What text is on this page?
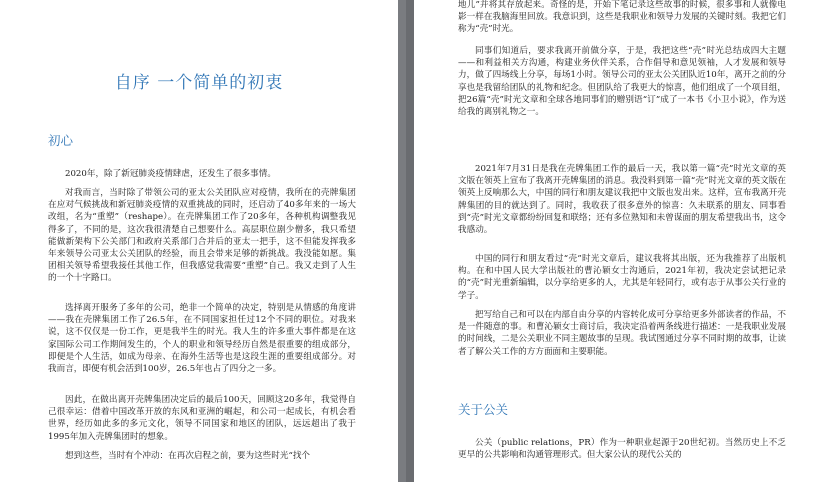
自序 一个简单的初衷
初心

2020年，除了新冠肺炎疫情肆虐，还发生了很多事情。

对我而言，当时除了带领公司的亚太公关团队应对疫情，我所在的壳牌集团在应对气候挑战和新冠肺炎疫情的双重挑战的同时，还启动了40多年来的一场大改组，名为“重塑”（reshape）。在壳牌集团工作了20多年，各种机构调整我见得多了，不同的是，这次我很清楚自己想要什么。高层职位剧少僧多，我只希望能做新架构下公关部门和政府关系部门合并后的亚太一把手，这不但能发挥我多年来领导公司亚太公关团队的经验，而且会带来足够的新挑战。我没能如愿。集团相关领导希望我接任其他工作，但我感觉我需要“重塑”自己。我又走到了人生的一个十字路口。

选择离开服务了多年的公司，绝非一个简单的决定，特别是从情感的角度讲——我在壳牌集团工作了26.5年，在不同国家担任过12个不同的职位。对我来说，这不仅仅是一份工作，更是我半生的时光。我人生的许多重大事件都是在这家国际公司工作期间发生的，个人的职业和领导经历自然是很重要的组成部分，即便是个人生活，如成为母亲、在海外生活等也是这段生涯的重要组成部分。对我而言，即便有机会活到100岁，26.5年也占了四分之一多。

因此，在做出离开壳牌集团决定后的最后100天，回顾这20多年，我觉得自己很幸运：借着中国改革开放的东风和亚洲的崛起，和公司一起成长，有机会看世界，经历如此多的多元文化，领导不同国家和地区的团队，远远超出了我于1995年加入壳牌集团时的想象。

想到这些，当时有个冲动：在再次启程之前，要为这些时光“找个

地儿”并将其存放起来。奇怪的是，开始下笔记录这些故事的时候，很多事和人就像电影一样在我脑海里回放。我意识到，这些是我职业和领导力发展的关键时刻。我把它们称为“壳”时光。

同事们知道后，要求我离开前做分享，于是，我把这些“壳”时光总结成四大主题——和利益相关方沟通，构建业务伙伴关系，合作倡导和意见领袖，人才发展和领导力，做了四场线上分享，每场1小时。领导公司的亚太公关团队近10年，离开之前的分享也是我留给团队的礼物和纪念。但团队给了我更大的惊喜，他们组成了一个项目组，把26篇“壳”时光文章和全球各地同事们的赠别语“订”成了一本书《小卫小说》，作为送给我的离别礼物之一。

2021年7月31日是我在壳牌集团工作的最后一天，我以第一篇“壳”时光文章的英文版在领英上宣布了我离开壳牌集团的消息。我没料到第一篇“壳”时光文章的英文版在领英上反响那么大，中国的同行和朋友建议我把中文版也发出来。这样，宣布我离开壳牌集团的目的就达到了。同时，我收获了很多意外的惊喜：久未联系的朋友、同事看到“壳”时光文章都纷纷回复和联络；还有多位熟知和未曾谋面的朋友希望我出书，这令我感动。

中国的同行和朋友看过“壳”时光文章后，建议我将其出版，还为我推荐了出版机构。在和中国人民大学出版社的曹沁颖女士沟通后，2021年初，我决定尝试把记录的“壳”时光重新编辑，以分享给更多的人，尤其是年轻同行，或有志于从事公关行业的学子。

把写给自己和可以在内部自由分享的内容转化成可分享给更多外部读者的作品，不是一件随意的事。和曹沁颖女士商讨后，我决定沿着两条线进行描述：一是我职业发展的时间线，二是公关职业不同主题故事的呈现。我试图通过分享不同时期的故事，让读者了解公关工作的方方面面和主要职能。

关于公关

公关（public relations，PR）作为一种职业起源于20世纪初。当然历史上不乏更早的公共影响和沟通管理形式。但大家公认的现代公关的
